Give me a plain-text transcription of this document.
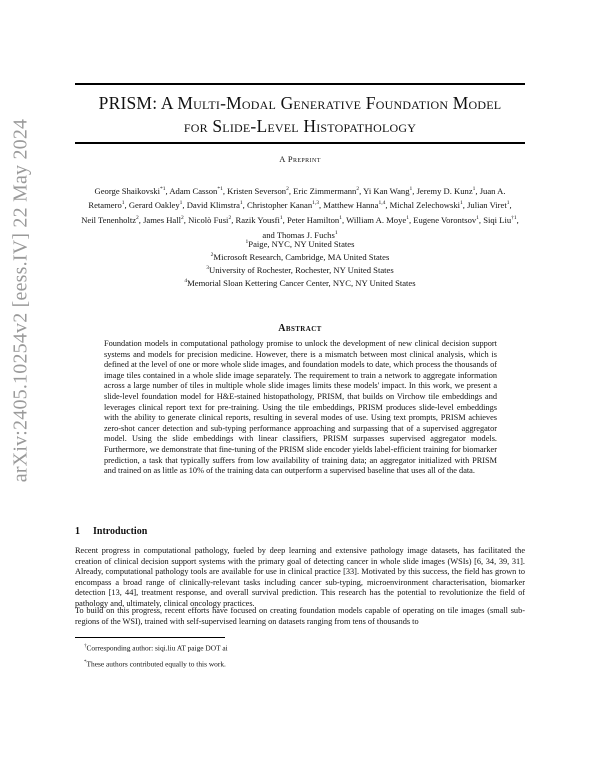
arXiv:2405.10254v2 [eess.IV] 22 May 2024
PRISM: A Multi-Modal Generative Foundation Model
for Slide-Level Histopathology
A Preprint
George Shaikovski$^{*1}$, Adam Casson$^{*1}$, Kristen Severson$^2$, Eric Zimmermann$^2$, Yi Kan Wang$^1$, Jeremy D. Kunz$^1$, Juan A. Retamero$^1$, Gerard Oakley$^1$, David Klimstra$^1$, Christopher Kanan$^{1,3}$, Matthew Hanna$^{1,4}$, Michal Zelechowski$^1$, Julian Viret$^1$, Neil Tenenholtz$^2$, James Hall$^2$, Nicolò Fusi$^2$, Razik Yousfi$^1$, Peter Hamilton$^1$, William A. Moye$^1$, Eugene Vorontsov$^1$, Siqi Liu$^{\dagger 1}$, and Thomas J. Fuchs$^1$
$^1$Paige, NYC, NY United States
$^2$Microsoft Research, Cambridge, MA United States
$^3$University of Rochester, Rochester, NY United States
$^4$Memorial Sloan Kettering Cancer Center, NYC, NY United States
Abstract
Foundation models in computational pathology promise to unlock the development of new clinical decision support systems and models for precision medicine. However, there is a mismatch between most clinical analysis, which is defined at the level of one or more whole slide images, and foundation models to date, which process the thousands of image tiles contained in a whole slide image separately. The requirement to train a network to aggregate information across a large number of tiles in multiple whole slide images limits these models' impact. In this work, we present a slide-level foundation model for H&E-stained histopathology, PRISM, that builds on Virchow tile embeddings and leverages clinical report text for pre-training. Using the tile embeddings, PRISM produces slide-level embeddings with the ability to generate clinical reports, resulting in several modes of use. Using text prompts, PRISM achieves zero-shot cancer detection and sub-typing performance approaching and surpassing that of a supervised aggregator model. Using the slide embeddings with linear classifiers, PRISM surpasses supervised aggregator models. Furthermore, we demonstrate that fine-tuning of the PRISM slide encoder yields label-efficient training for biomarker prediction, a task that typically suffers from low availability of training data; an aggregator initialized with PRISM and trained on as little as 10% of the training data can outperform a supervised baseline that uses all of the data.
1 Introduction
Recent progress in computational pathology, fueled by deep learning and extensive pathology image datasets, has facilitated the creation of clinical decision support systems with the primary goal of detecting cancer in whole slide images (WSIs) [6, 34, 39, 31]. Already, computational pathology tools are available for use in clinical practice [33]. Motivated by this success, the field has grown to encompass a broad range of clinically-relevant tasks including cancer sub-typing, microenvironment characterisation, biomarker detection [13, 44], treatment response, and overall survival prediction. This research has the potential to revolutionize the field of pathology and, ultimately, clinical oncology practices.
To build on this progress, recent efforts have focused on creating foundation models capable of operating on tile images (small sub-regions of the WSI), trained with self-supervised learning on datasets ranging from tens of thousands to
†Corresponding author: siqi.liu AT paige DOT ai
*These authors contributed equally to this work.
